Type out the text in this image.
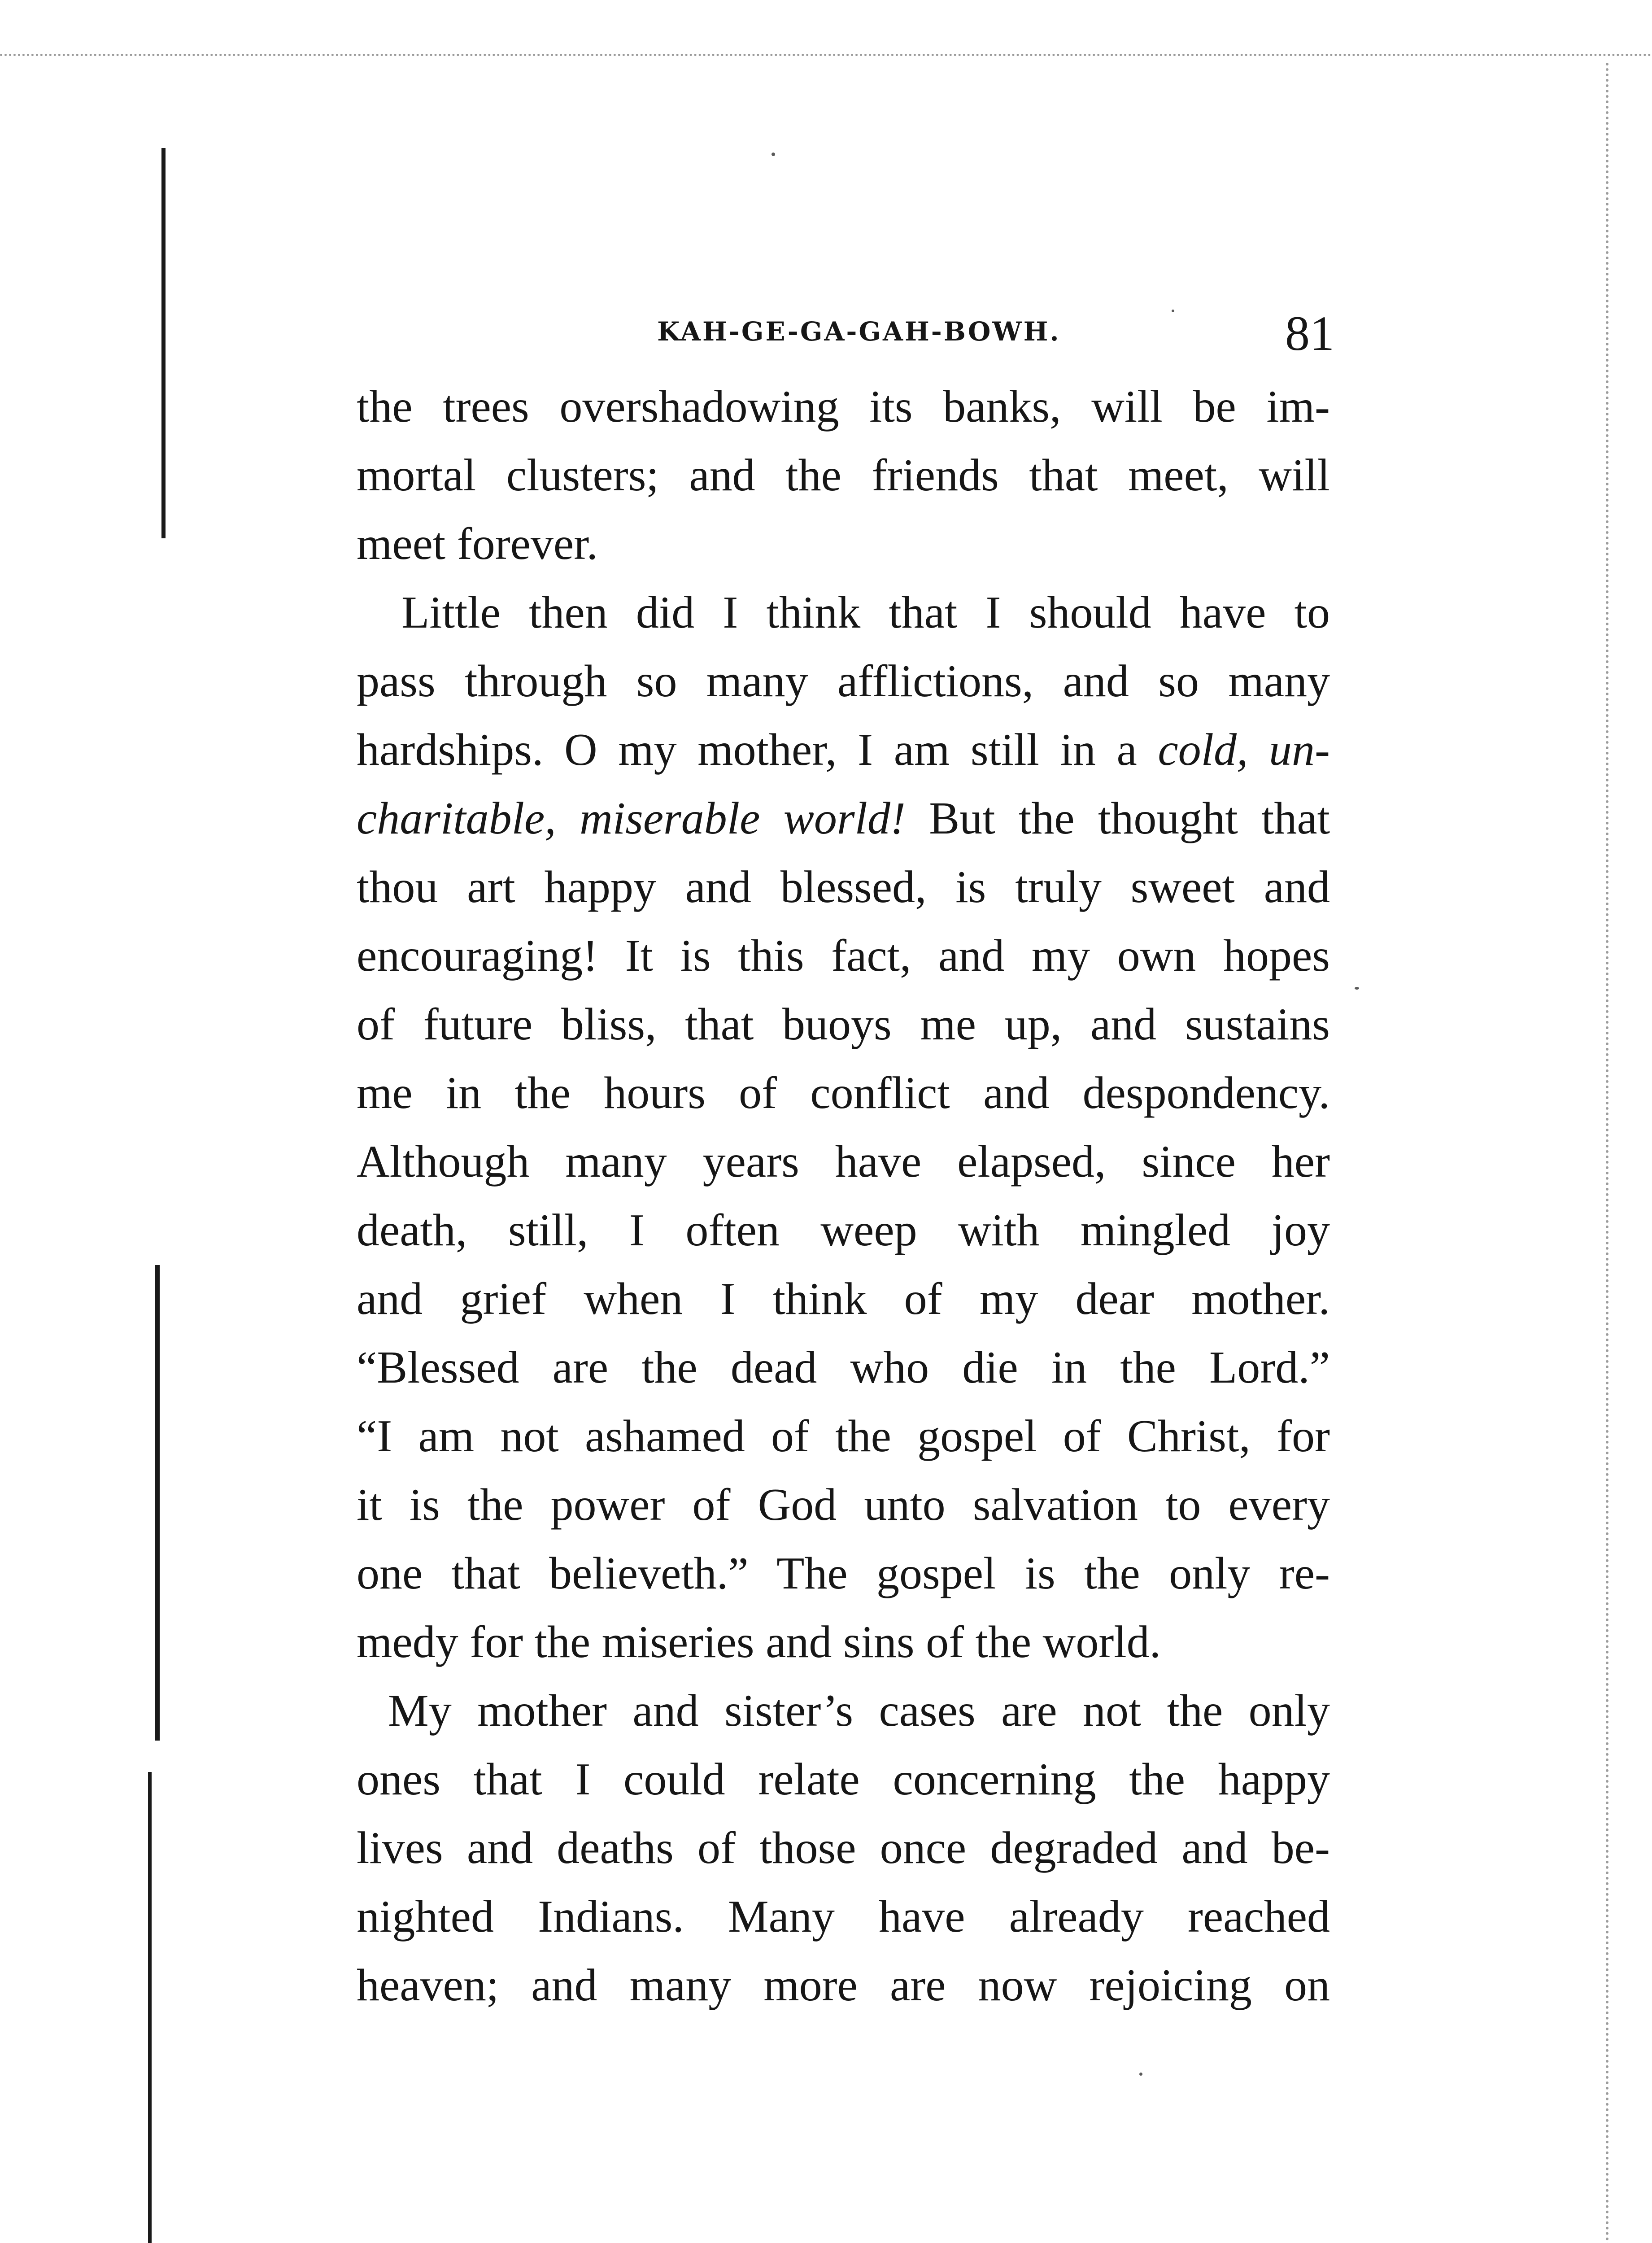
KAH-GE-GA-GAH-BOWH.	81
the trees overshadowing its banks, will be im-
mortal clusters; and the friends that meet, will
meet forever.
Little then did I think that I should have to
pass through so many afflictions, and so many
hardships. O my mother, I am still in a cold, un-
charitable, miserable world! But the thought that
thou art happy and blessed, is truly sweet and
encouraging! It is this fact, and my own hopes
of future bliss, that buoys me up, and sustains
me in the hours of conflict and despondency.
Although many years have elapsed, since her
death, still, I often weep with mingled joy
and grief when I think of my dear mother.
“Blessed are the dead who die in the Lord.”
“I am not ashamed of the gospel of Christ, for
it is the power of God unto salvation to every
one that believeth.” The gospel is the only re-
medy for the miseries and sins of the world.
My mother and sister’s cases are not the only
ones that I could relate concerning the happy
lives and deaths of those once degraded and be-
nighted Indians. Many have already reached
heaven; and many more are now rejoicing on
